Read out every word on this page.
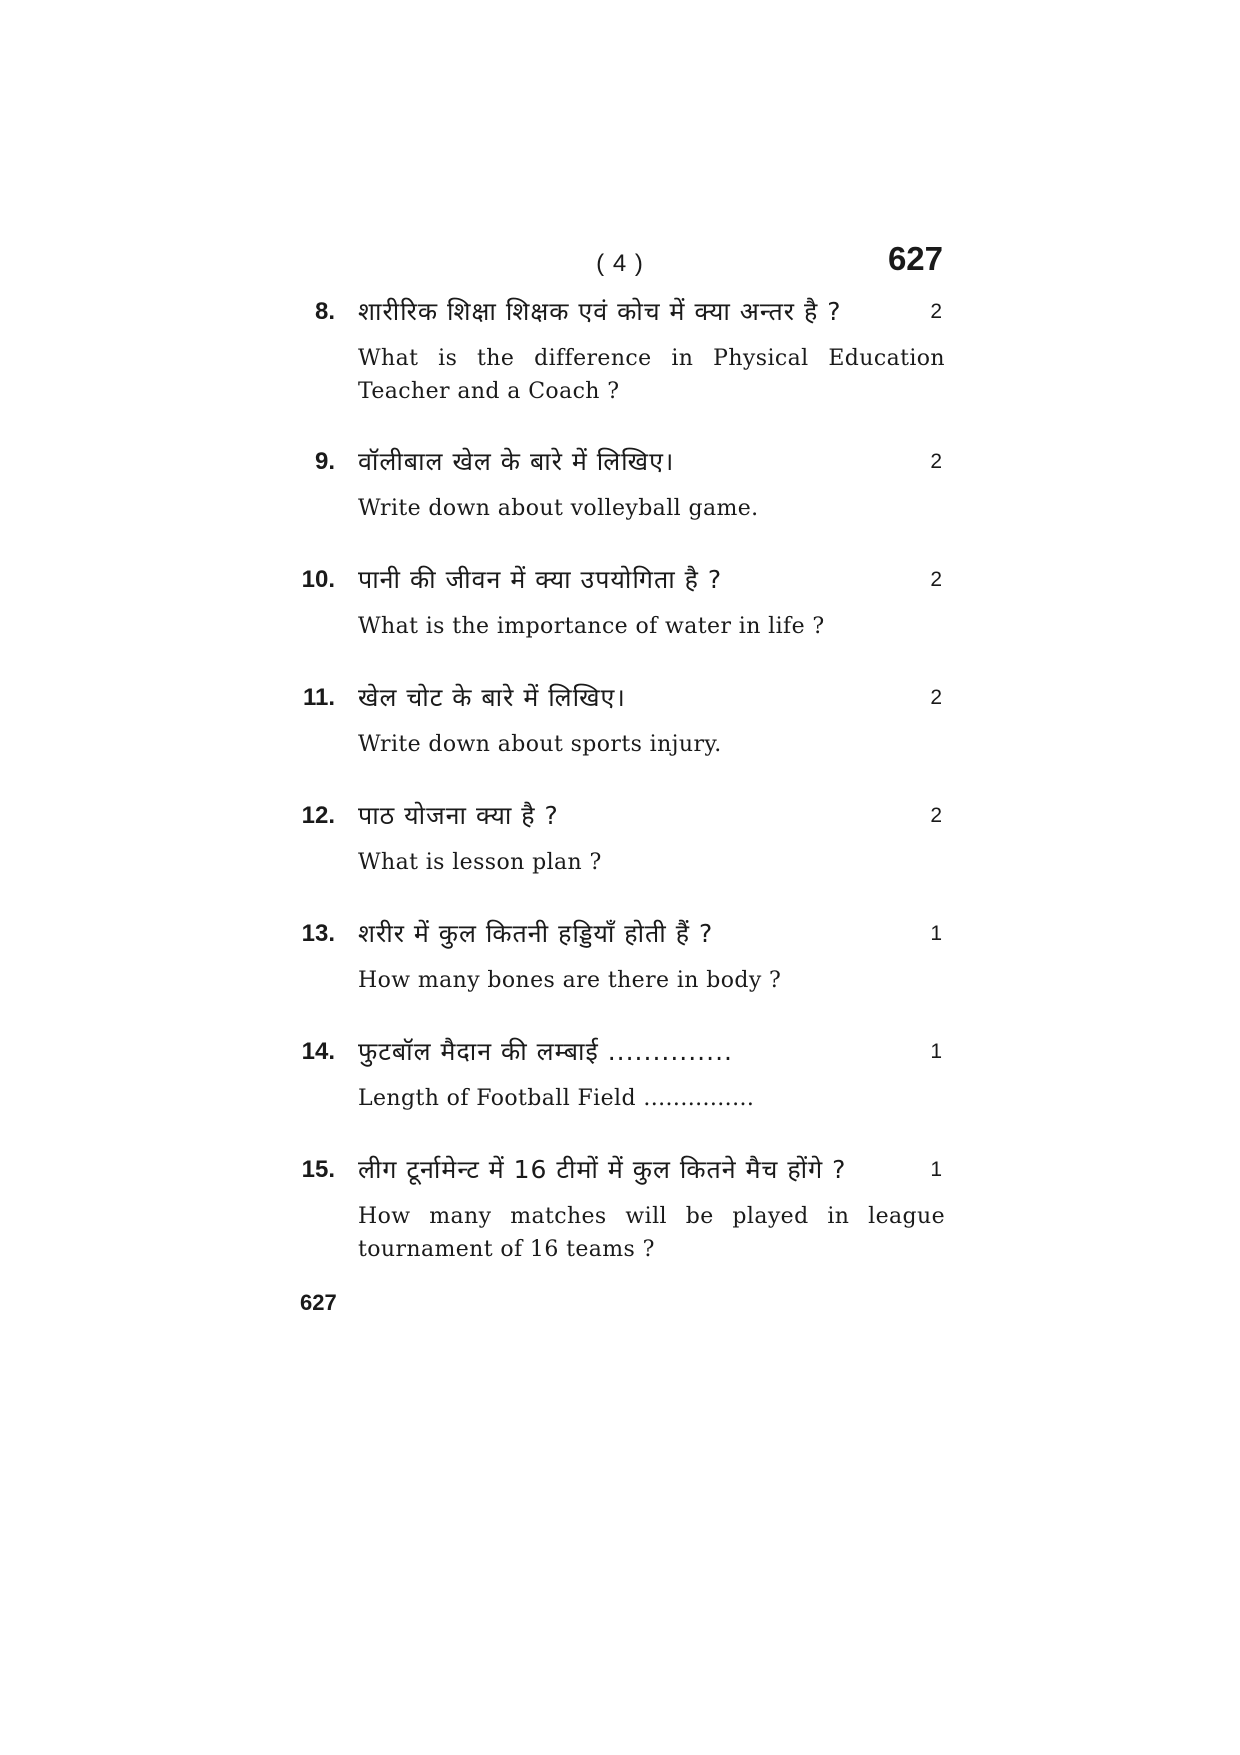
( 4 )	627
8. शारीरिक शिक्षा शिक्षक एवं कोच में क्या अन्तर है ?	2
What is the difference in Physical Education Teacher and a Coach ?
9. वॉलीबाल खेल के बारे में लिखिए।	2
Write down about volleyball game.
10. पानी की जीवन में क्या उपयोगिता है ?	2
What is the importance of water in life ?
11. खेल चोट के बारे में लिखिए।	2
Write down about sports injury.
12. पाठ योजना क्या है ?	2
What is lesson plan ?
13. शरीर में कुल कितनी हड्डियाँ होती हैं ?	1
How many bones are there in body ?
14. फुटबॉल मैदान की लम्बाई ..............	1
Length of Football Field ...............
15. लीग टूर्नामेन्ट में 16 टीमों में कुल कितने मैच होंगे ?	1
How many matches will be played in league tournament of 16 teams ?
627
